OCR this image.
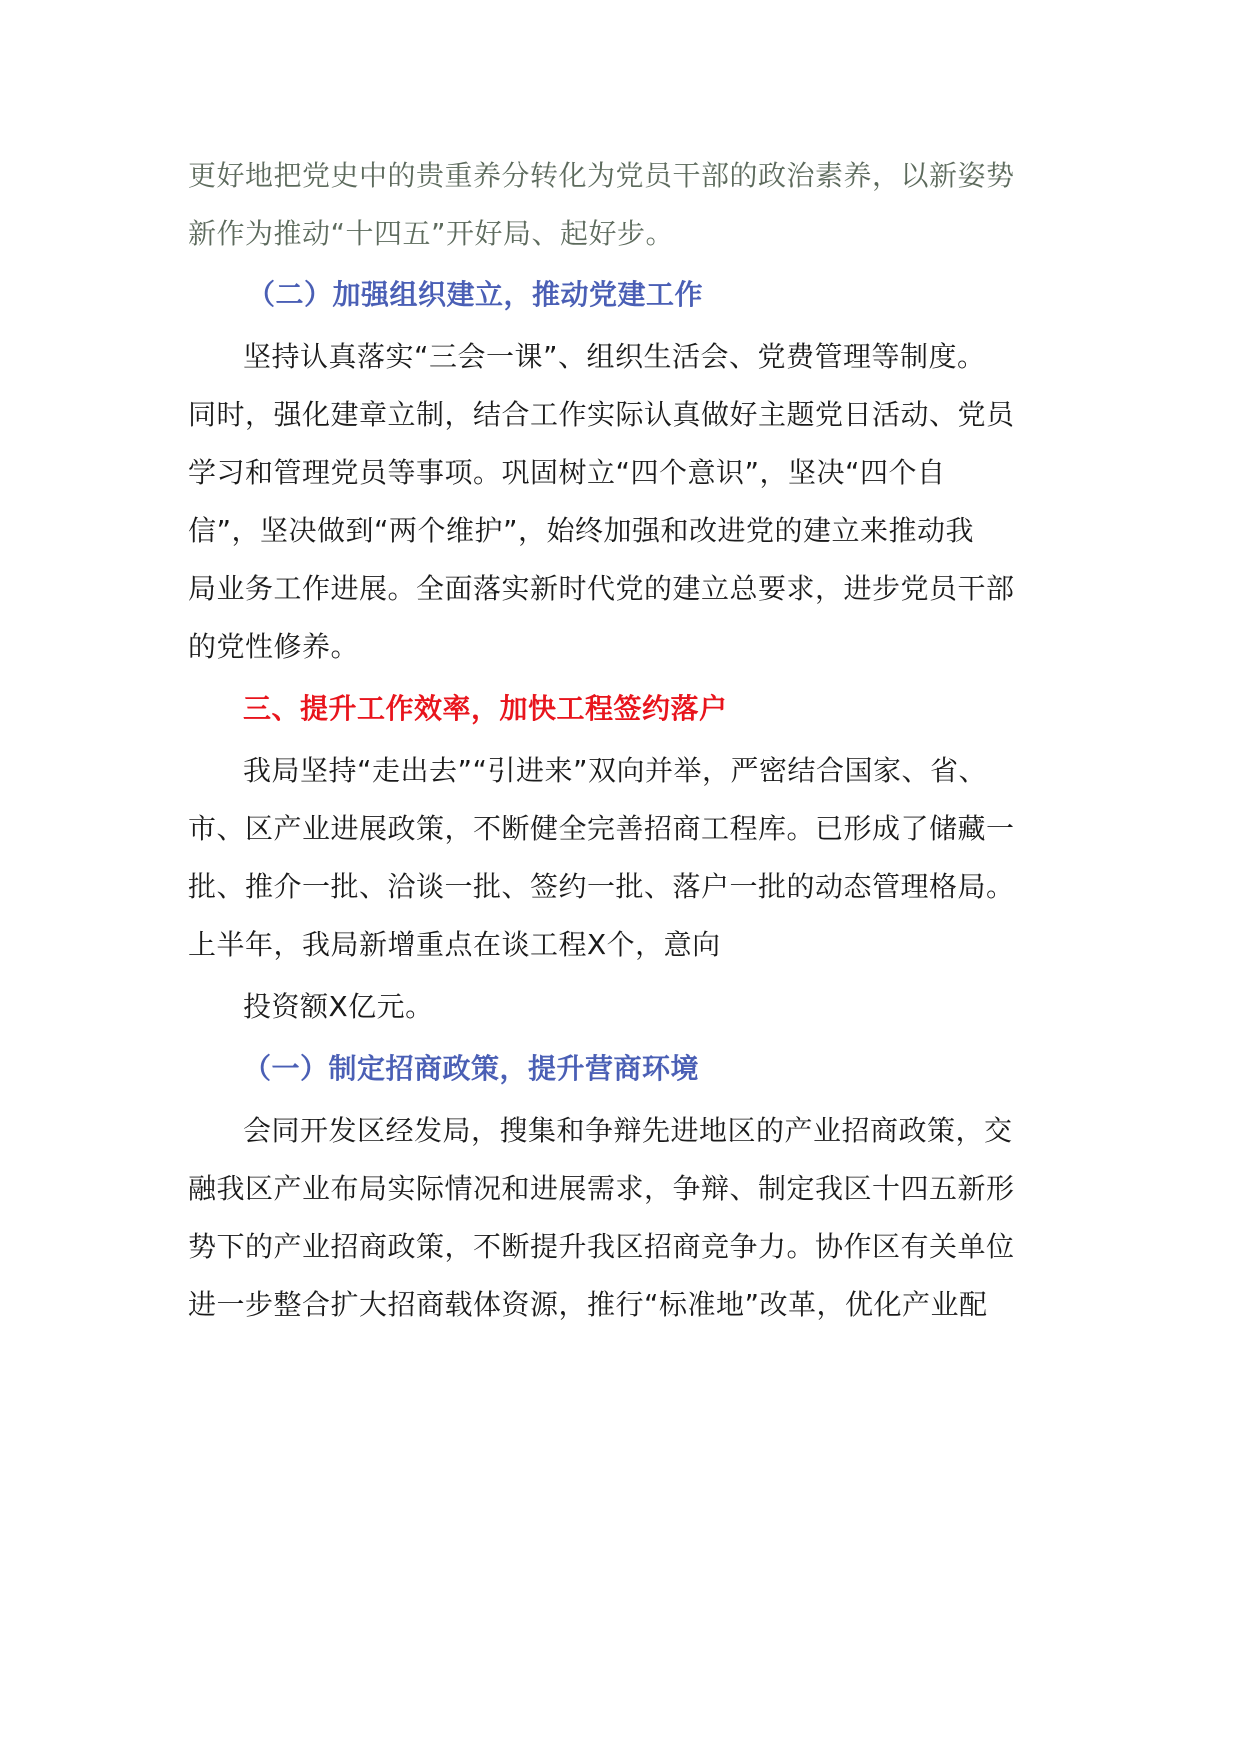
更好地把党史中的贵重养分转化为党员干部的政治素养，以新姿势
新作为推动“十四五”开好局、起好步。
（二）加强组织建立，推动党建工作
坚持认真落实“三会一课”、组织生活会、党费管理等制度。
同时，强化建章立制，结合工作实际认真做好主题党日活动、党员
学习和管理党员等事项。巩固树立“四个意识”，坚决“四个自
信”，坚决做到“两个维护”，始终加强和改进党的建立来推动我
局业务工作进展。全面落实新时代党的建立总要求，进步党员干部
的党性修养。
三、提升工作效率，加快工程签约落户
我局坚持“走出去”“引进来”双向并举，严密结合国家、省、
市、区产业进展政策，不断健全完善招商工程库。已形成了储藏一
批、推介一批、洽谈一批、签约一批、落户一批的动态管理格局。
上半年，我局新增重点在谈工程X个，意向
投资额X亿元。
（一）制定招商政策，提升营商环境
会同开发区经发局，搜集和争辩先进地区的产业招商政策，交
融我区产业布局实际情况和进展需求，争辩、制定我区十四五新形
势下的产业招商政策，不断提升我区招商竞争力。协作区有关单位
进一步整合扩大招商载体资源，推行“标准地”改革，优化产业配
